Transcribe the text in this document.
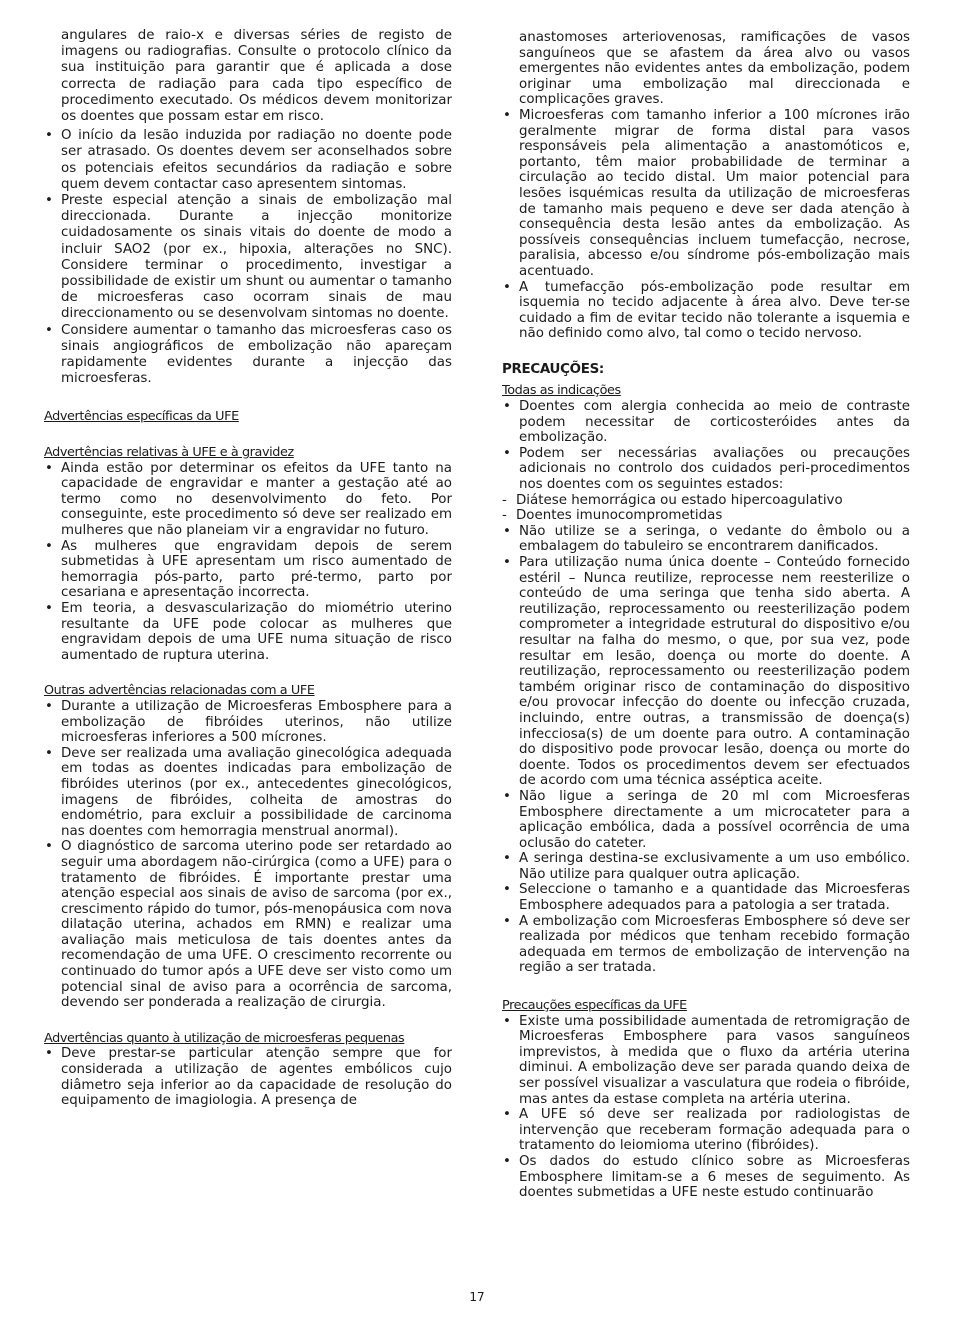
angulares de raio-x e diversas séries de registo de imagens ou radiografias. Consulte o protocolo clínico da sua instituição para garantir que é aplicada a dose correcta de radiação para cada tipo específico de procedimento executado. Os médicos devem monitorizar os doentes que possam estar em risco.
• O início da lesão induzida por radiação no doente pode ser atrasado. Os doentes devem ser aconselhados sobre os potenciais efeitos secundários da radiação e sobre quem devem contactar caso apresentem sintomas.
• Preste especial atenção a sinais de embolização mal direccionada. Durante a injecção monitorize cuidadosamente os sinais vitais do doente de modo a incluir SAO2 (por ex., hipoxia, alterações no SNC). Considere terminar o procedimento, investigar a possibilidade de existir um shunt ou aumentar o tamanho de microesferas caso ocorram sinais de mau direccionamento ou se desenvolvam sintomas no doente.
• Considere aumentar o tamanho das microesferas caso os sinais angiográficos de embolização não apareçam rapidamente evidentes durante a injecção das microesferas.
Advertências específicas da UFE
Advertências relativas à UFE e à gravidez
• Ainda estão por determinar os efeitos da UFE tanto na capacidade de engravidar e manter a gestação até ao termo como no desenvolvimento do feto. Por conseguinte, este procedimento só deve ser realizado em mulheres que não planeiam vir a engravidar no futuro.
• As mulheres que engravidam depois de serem submetidas à UFE apresentam um risco aumentado de hemorragia pós-parto, parto pré-termo, parto por cesariana e apresentação incorrecta.
• Em teoria, a desvascularização do miométrio uterino resultante da UFE pode colocar as mulheres que engravidam depois de uma UFE numa situação de risco aumentado de ruptura uterina.
Outras advertências relacionadas com a UFE
• Durante a utilização de Microesferas Embosphere para a embolização de fibróides uterinos, não utilize microesferas inferiores a 500 mícrones.
• Deve ser realizada uma avaliação ginecológica adequada em todas as doentes indicadas para embolização de fibróides uterinos (por ex., antecedentes ginecológicos, imagens de fibróides, colheita de amostras do endométrio, para excluir a possibilidade de carcinoma nas doentes com hemorragia menstrual anormal).
• O diagnóstico de sarcoma uterino pode ser retardado ao seguir uma abordagem não-cirúrgica (como a UFE) para o tratamento de fibróides. É importante prestar uma atenção especial aos sinais de aviso de sarcoma (por ex., crescimento rápido do tumor, pós-menopáusica com nova dilatação uterina, achados em RMN) e realizar uma avaliação mais meticulosa de tais doentes antes da recomendação de uma UFE. O crescimento recorrente ou continuado do tumor após a UFE deve ser visto como um potencial sinal de aviso para a ocorrência de sarcoma, devendo ser ponderada a realização de cirurgia.
Advertências quanto à utilização de microesferas pequenas
• Deve prestar-se particular atenção sempre que for considerada a utilização de agentes embólicos cujo diâmetro seja inferior ao da capacidade de resolução do equipamento de imagiologia. A presença de
anastomoses arteriovenosas, ramificações de vasos sanguíneos que se afastem da área alvo ou vasos emergentes não evidentes antes da embolização, podem originar uma embolização mal direccionada e complicações graves.
• Microesferas com tamanho inferior a 100 mícrones irão geralmente migrar de forma distal para vasos responsáveis pela alimentação a anastomóticos e, portanto, têm maior probabilidade de terminar a circulação ao tecido distal. Um maior potencial para lesões isquémicas resulta da utilização de microesferas de tamanho mais pequeno e deve ser dada atenção à consequência desta lesão antes da embolização. As possíveis consequências incluem tumefacção, necrose, paralisia, abcesso e/ou síndrome pós-embolização mais acentuado.
• A tumefacção pós-embolização pode resultar em isquemia no tecido adjacente à área alvo. Deve ter-se cuidado a fim de evitar tecido não tolerante a isquemia e não definido como alvo, tal como o tecido nervoso.
PRECAUÇÕES:
Todas as indicações
• Doentes com alergia conhecida ao meio de contraste podem necessitar de corticosteróides antes da embolização.
• Podem ser necessárias avaliações ou precauções adicionais no controlo dos cuidados peri-procedimentos nos doentes com os seguintes estados:
- Diátese hemorrágica ou estado hipercoagulativo
- Doentes imunocomprometidas
• Não utilize se a seringa, o vedante do êmbolo ou a embalagem do tabuleiro se encontrarem danificados.
• Para utilização numa única doente – Conteúdo fornecido estéril – Nunca reutilize, reprocesse nem reesterilize o conteúdo de uma seringa que tenha sido aberta. A reutilização, reprocessamento ou reesterilização podem comprometer a integridade estrutural do dispositivo e/ou resultar na falha do mesmo, o que, por sua vez, pode resultar em lesão, doença ou morte do doente. A reutilização, reprocessamento ou reesterilização podem também originar risco de contaminação do dispositivo e/ou provocar infecção do doente ou infecção cruzada, incluindo, entre outras, a transmissão de doença(s) infecciosa(s) de um doente para outro. A contaminação do dispositivo pode provocar lesão, doença ou morte do doente. Todos os procedimentos devem ser efectuados de acordo com uma técnica asséptica aceite.
• Não ligue a seringa de 20 ml com Microesferas Embosphere directamente a um microcateter para a aplicação embólica, dada a possível ocorrência de uma oclusão do cateter.
• A seringa destina-se exclusivamente a um uso embólico. Não utilize para qualquer outra aplicação.
• Seleccione o tamanho e a quantidade das Microesferas Embosphere adequados para a patologia a ser tratada.
• A embolização com Microesferas Embosphere só deve ser realizada por médicos que tenham recebido formação adequada em termos de embolização de intervenção na região a ser tratada.
Precauções específicas da UFE
• Existe uma possibilidade aumentada de retromigração de Microesferas Embosphere para vasos sanguíneos imprevistos, à medida que o fluxo da artéria uterina diminui. A embolização deve ser parada quando deixa de ser possível visualizar a vasculatura que rodeia o fibróide, mas antes da estase completa na artéria uterina.
• A UFE só deve ser realizada por radiologistas de intervenção que receberam formação adequada para o tratamento do leiomioma uterino (fibróides).
• Os dados do estudo clínico sobre as Microesferas Embosphere limitam-se a 6 meses de seguimento. As doentes submetidas a UFE neste estudo continuarão
17
